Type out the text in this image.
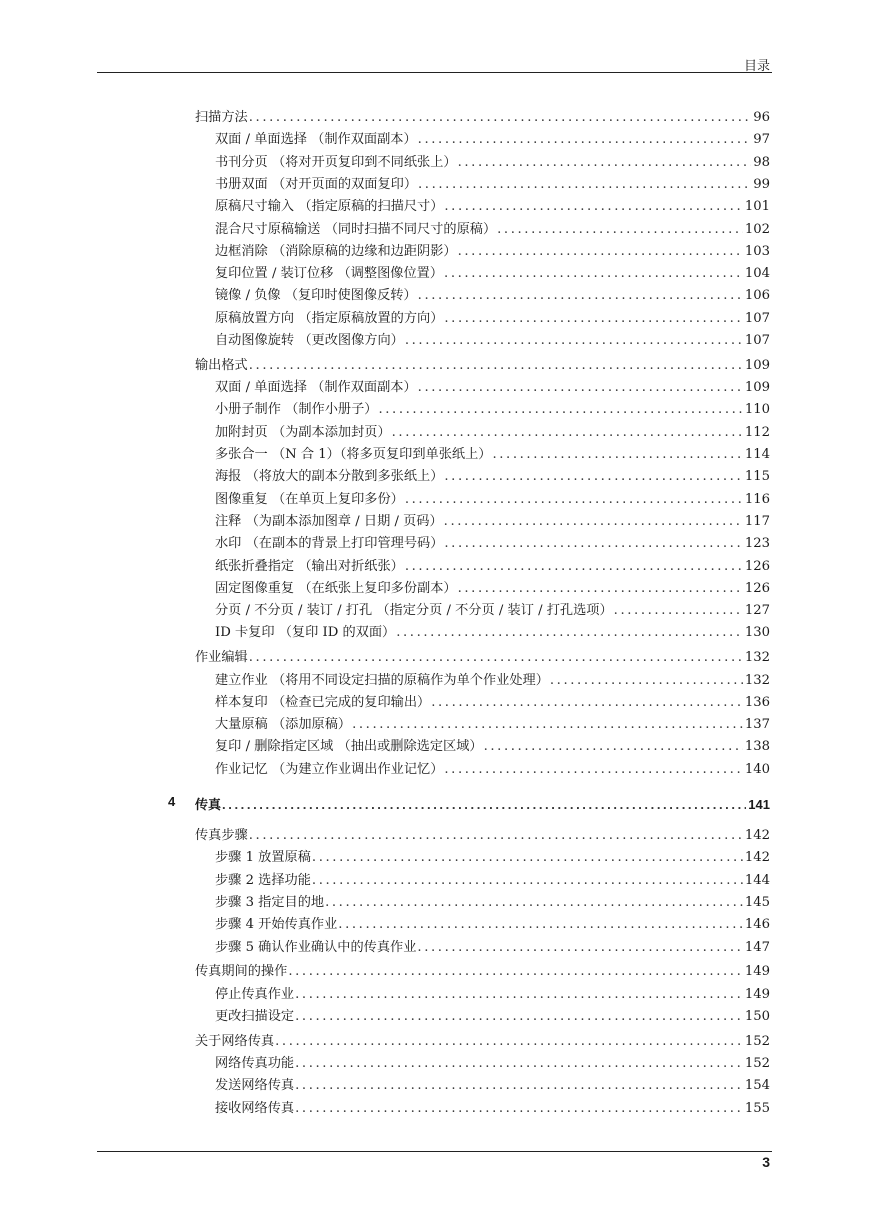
目录
扫描方法 .....	96
双面 / 单面选择 （制作双面副本） .....	97
书刊分页 （将对开页复印到不同纸张上） .....	98
书册双面 （对开页面的双面复印） .....	99
原稿尺寸输入 （指定原稿的扫描尺寸） .....	101
混合尺寸原稿输送 （同时扫描不同尺寸的原稿） .....	102
边框消除 （消除原稿的边缘和边距阴影） .....	103
复印位置 / 装订位移 （调整图像位置） .....	104
镜像 / 负像 （复印时使图像反转） .....	106
原稿放置方向 （指定原稿放置的方向） .....	107
自动图像旋转 （更改图像方向） .....	107
输出格式 .....	109
双面 / 单面选择 （制作双面副本） .....	109
小册子制作 （制作小册子） .....	110
加附封页 （为副本添加封页） .....	112
多张合一 （N 合 1）（将多页复印到单张纸上） .....	114
海报 （将放大的副本分散到多张纸上） .....	115
图像重复 （在单页上复印多份） .....	116
注释 （为副本添加图章 / 日期 / 页码） .....	117
水印 （在副本的背景上打印管理号码） .....	123
纸张折叠指定 （输出对折纸张） .....	126
固定图像重复 （在纸张上复印多份副本） .....	126
分页 / 不分页 / 装订 / 打孔 （指定分页 / 不分页 / 装订 / 打孔选项） .....	127
ID 卡复印 （复印 ID 的双面） .....	130
作业编辑 .....	132
建立作业 （将用不同设定扫描的原稿作为单个作业处理） .....	132
样本复印 （检查已完成的复印输出） .....	136
大量原稿 （添加原稿） .....	137
复印 / 删除指定区域 （抽出或删除选定区域） .....	138
作业记忆 （为建立作业调出作业记忆） .....	140
传真 .....	141
4
传真步骤 .....	142
步骤 1 放置原稿 .....	142
步骤 2 选择功能 .....	144
步骤 3 指定目的地 .....	145
步骤 4 开始传真作业 .....	146
步骤 5 确认作业确认中的传真作业 .....	147
传真期间的操作 .....	149
停止传真作业 .....	149
更改扫描设定 .....	150
关于网络传真 .....	152
网络传真功能 .....	152
发送网络传真 .....	154
接收网络传真 .....	155
3
